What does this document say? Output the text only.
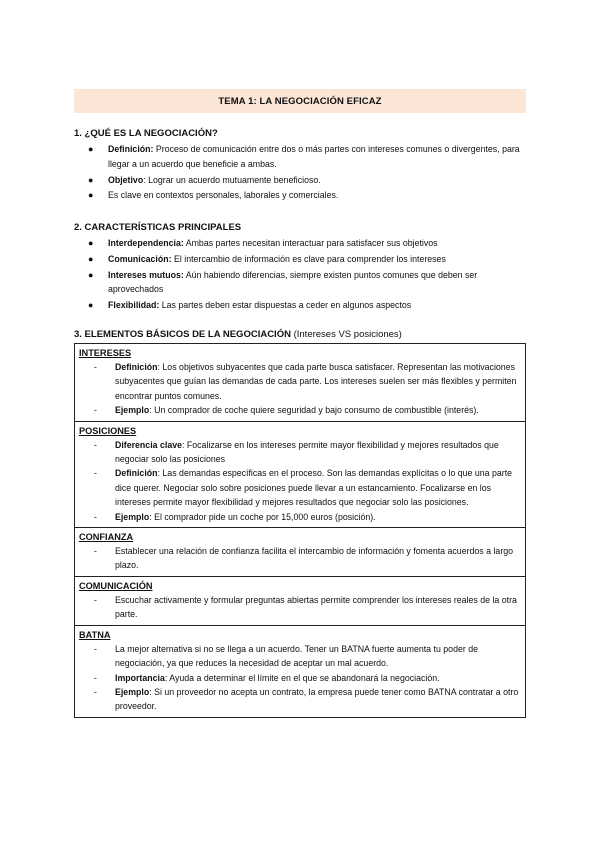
TEMA 1: LA NEGOCIACIÓN EFICAZ
1. ¿QUÉ ES LA NEGOCIACIÓN?
● Definición: Proceso de comunicación entre dos o más partes con intereses comunes o divergentes, para llegar a un acuerdo que beneficie a ambas.
● Objetivo: Lograr un acuerdo mutuamente beneficioso.
● Es clave en contextos personales, laborales y comerciales.
2. CARACTERÍSTICAS PRINCIPALES
● Interdependencia: Ambas partes necesitan interactuar para satisfacer sus objetivos
● Comunicación: El intercambio de información es clave para comprender los intereses
● Intereses mutuos: Aún habiendo diferencias, siempre existen puntos comunes que deben ser aprovechados
● Flexibilidad: Las partes deben estar dispuestas a ceder en algunos aspectos
3. ELEMENTOS BÁSICOS DE LA NEGOCIACIÓN (Intereses VS posiciones)
INTERESES
- Definición: Los objetivos subyacentes que cada parte busca satisfacer. Representan las motivaciones subyacentes que guían las demandas de cada parte. Los intereses suelen ser más flexibles y permiten encontrar puntos comunes.
- Ejemplo: Un comprador de coche quiere seguridad y bajo consumo de combustible (interés).
POSICIONES
- Diferencia clave: Focalizarse en los intereses permite mayor flexibilidad y mejores resultados que negociar solo las posiciones
- Definición: Las demandas específicas en el proceso. Son las demandas explícitas o lo que una parte dice querer. Negociar solo sobre posiciones puede llevar a un estancamiento. Focalizarse en los intereses permite mayor flexibilidad y mejores resultados que negociar solo las posiciones.
- Ejemplo: El comprador pide un coche por 15,000 euros (posición).
CONFIANZA
- Establecer una relación de confianza facilita el intercambio de información y fomenta acuerdos a largo plazo.
COMUNICACIÓN
- Escuchar activamente y formular preguntas abiertas permite comprender los intereses reales de la otra parte.
BATNA
- La mejor alternativa si no se llega a un acuerdo. Tener un BATNA fuerte aumenta tu poder de negociación, ya que reduces la necesidad de aceptar un mal acuerdo.
- Importancia: Ayuda a determinar el límite en el que se abandonará la negociación.
- Ejemplo: Si un proveedor no acepta un contrato, la empresa puede tener como BATNA contratar a otro proveedor.
